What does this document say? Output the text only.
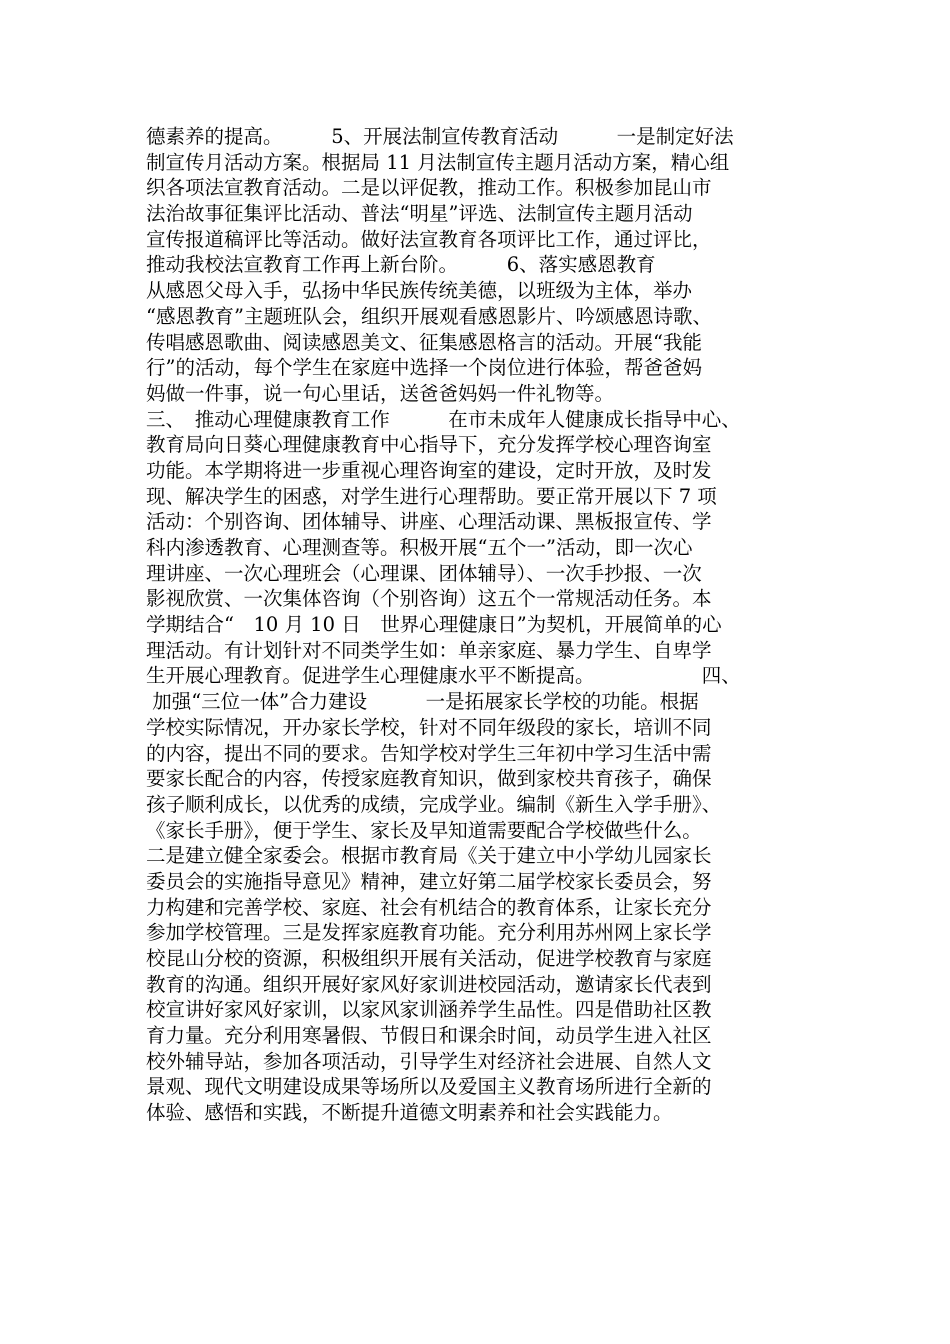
德素养的提高。　　　5、开展法制宣传教育活动　　　一是制定好法
制宣传月活动方案。根据局 11 月法制宣传主题月活动方案，精心组
织各项法宣教育活动。二是以评促教，推动工作。积极参加昆山市
法治故事征集评比活动、普法“明星”评选、法制宣传主题月活动
宣传报道稿评比等活动。做好法宣教育各项评比工作，通过评比，
推动我校法宣教育工作再上新台阶。　　　6、落实感恩教育
从感恩父母入手，弘扬中华民族传统美德，以班级为主体，举办
“感恩教育”主题班队会，组织开展观看感恩影片、吟颂感恩诗歌、
传唱感恩歌曲、阅读感恩美文、征集感恩格言的活动。开展“我能
行”的活动，每个学生在家庭中选择一个岗位进行体验，帮爸爸妈
妈做一件事，说一句心里话，送爸爸妈妈一件礼物等。
三、　推动心理健康教育工作　　　在市未成年人健康成长指导中心、
教育局向日葵心理健康教育中心指导下，充分发挥学校心理咨询室
功能。本学期将进一步重视心理咨询室的建设，定时开放，及时发
现、解决学生的困惑，对学生进行心理帮助。要正常开展以下 7 项
活动：个别咨询、团体辅导、讲座、心理活动课、黑板报宣传、学
科内渗透教育、心理测查等。积极开展“五个一”活动，即一次心
理讲座、一次心理班会（心理课、团体辅导）、一次手抄报、一次
影视欣赏、一次集体咨询（个别咨询）这五个一常规活动任务。本
学期结合“　10 月 10 日　世界心理健康日”为契机，开展简单的心
理活动。有计划针对不同类学生如：单亲家庭、暴力学生、自卑学
生开展心理教育。促进学生心理健康水平不断提高。　　　　　　四、
加强“三位一体”合力建设　　　一是拓展家长学校的功能。根据
学校实际情况，开办家长学校，针对不同年级段的家长，培训不同
的内容，提出不同的要求。告知学校对学生三年初中学习生活中需
要家长配合的内容，传授家庭教育知识，做到家校共育孩子，确保
孩子顺利成长，以优秀的成绩，完成学业。编制《新生入学手册》、
《家长手册》，便于学生、家长及早知道需要配合学校做些什么。
二是建立健全家委会。根据市教育局《关于建立中小学幼儿园家长
委员会的实施指导意见》精神，建立好第二届学校家长委员会，努
力构建和完善学校、家庭、社会有机结合的教育体系，让家长充分
参加学校管理。三是发挥家庭教育功能。充分利用苏州网上家长学
校昆山分校的资源，积极组织开展有关活动，促进学校教育与家庭
教育的沟通。组织开展好家风好家训进校园活动，邀请家长代表到
校宣讲好家风好家训，以家风家训涵养学生品性。四是借助社区教
育力量。充分利用寒暑假、节假日和课余时间，动员学生进入社区
校外辅导站，参加各项活动，引导学生对经济社会进展、自然人文
景观、现代文明建设成果等场所以及爱国主义教育场所进行全新的
体验、感悟和实践，不断提升道德文明素养和社会实践能力。
